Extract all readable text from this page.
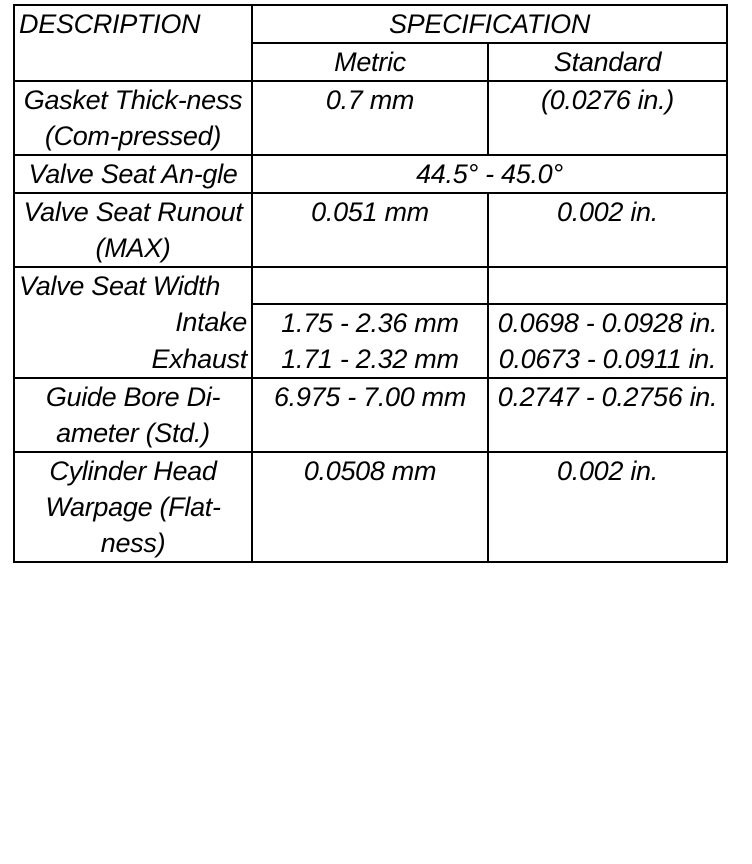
DESCRIPTION	SPECIFICATION	
	Metric	Standard
Gasket Thick-ness (Com-pressed)	0.7 mm	(0.0276 in.)
Valve Seat An-gle	44.5° - 45.0°	
Valve Seat Runout (MAX)	0.051 mm	0.002 in.
Valve Seat Width		
Intake	1.75 - 2.36 mm	0.0698 - 0.0928 in.
Exhaust	1.71 - 2.32 mm	0.0673 - 0.0911 in.
Guide Bore Di-ameter (Std.)	6.975 - 7.00 mm	0.2747 - 0.2756 in.
Cylinder Head Warpage (Flat-ness)	0.0508 mm	0.002 in.
